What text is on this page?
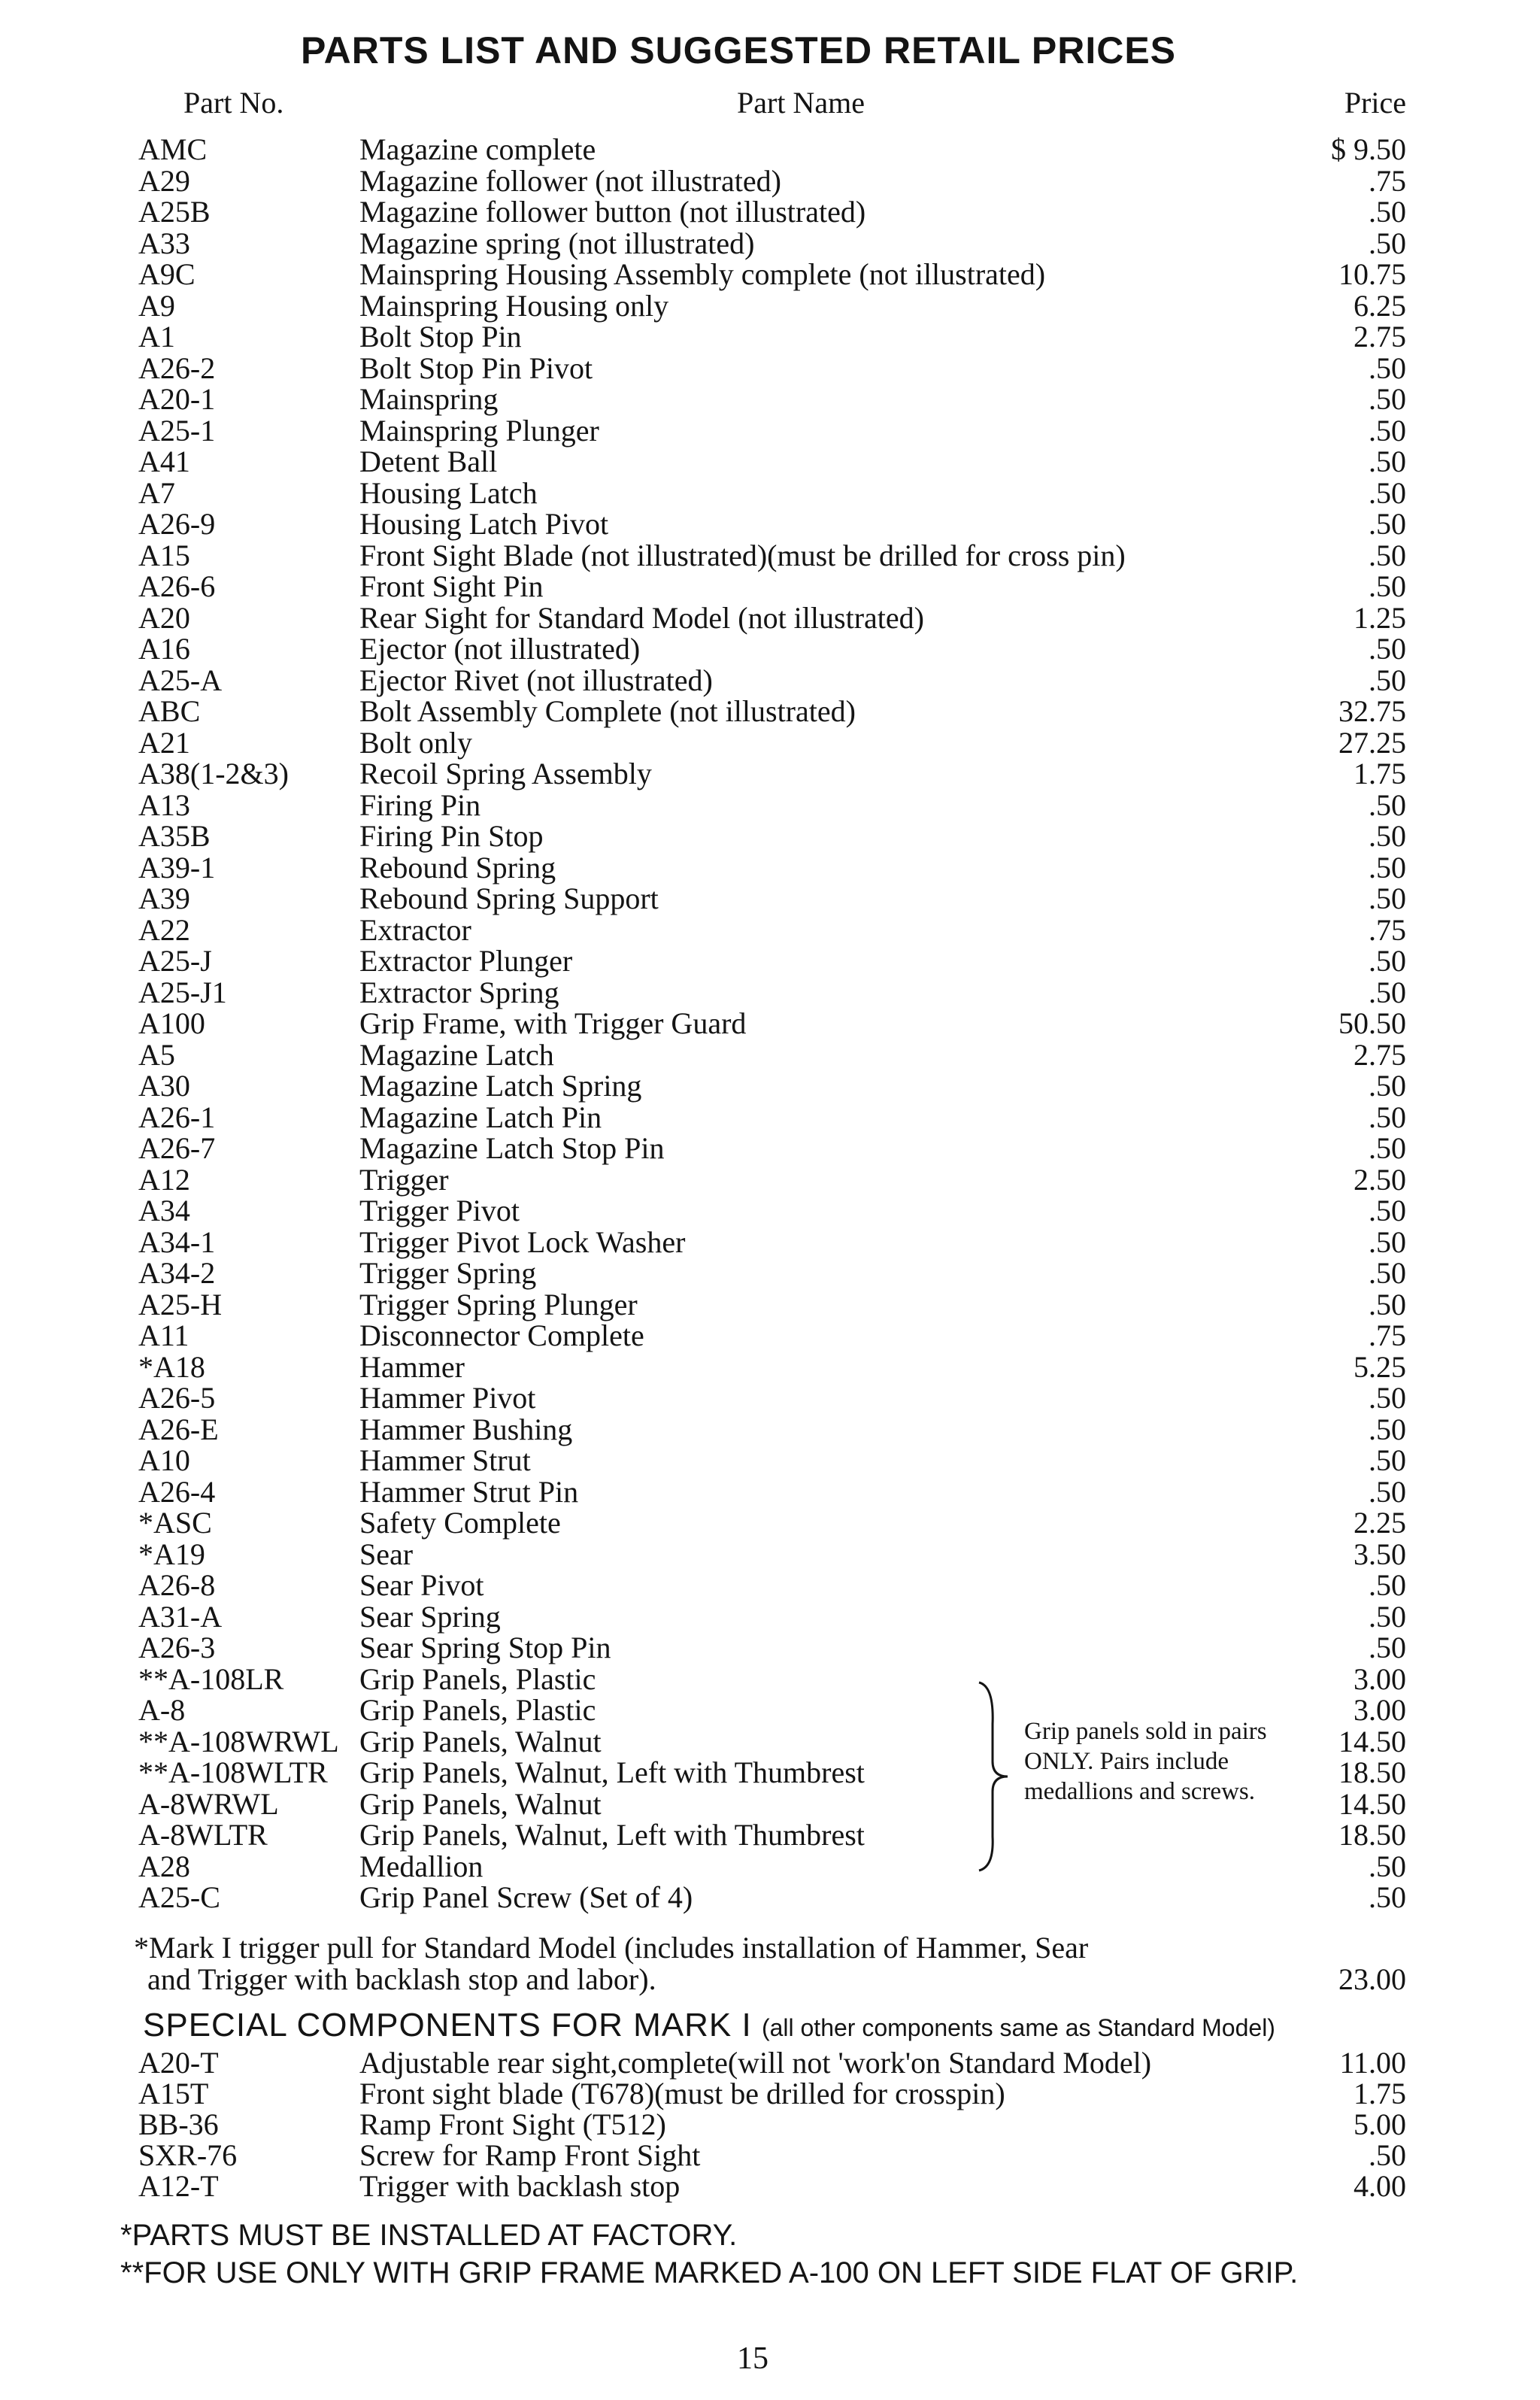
PARTS LIST AND SUGGESTED RETAIL PRICES
Part No.	Part Name	Price
AMC	Magazine complete	$ 9.50
A29	Magazine follower (not illustrated)	.75
A25B	Magazine follower button (not illustrated)	.50
A33	Magazine spring (not illustrated)	.50
A9C	Mainspring Housing Assembly complete (not illustrated)	10.75
A9	Mainspring Housing only	6.25
A1	Bolt Stop Pin	2.75
A26-2	Bolt Stop Pin Pivot	.50
A20-1	Mainspring	.50
A25-1	Mainspring Plunger	.50
A41	Detent Ball	.50
A7	Housing Latch	.50
A26-9	Housing Latch Pivot	.50
A15	Front Sight Blade (not illustrated)(must be drilled for cross pin)	.50
A26-6	Front Sight Pin	.50
A20	Rear Sight for Standard Model (not illustrated)	1.25
A16	Ejector (not illustrated)	.50
A25-A	Ejector Rivet (not illustrated)	.50
ABC	Bolt Assembly Complete (not illustrated)	32.75
A21	Bolt only	27.25
A38(1-2&3) Recoil Spring Assembly	1.75
A13	Firing Pin	.50
A35B	Firing Pin Stop	.50
A39-1	Rebound Spring	.50
A39	Rebound Spring Support	.50
A22	Extractor	.75
A25-J	Extractor Plunger	.50
A25-J1	Extractor Spring	.50
A100	Grip Frame, with Trigger Guard	50.50
A5	Magazine Latch	2.75
A30	Magazine Latch Spring	.50
A26-1	Magazine Latch Pin	.50
A26-7	Magazine Latch Stop Pin	.50
A12	Trigger	2.50
A34	Trigger Pivot	.50
A34-1	Trigger Pivot Lock Washer	.50
A34-2	Trigger Spring	.50
A25-H	Trigger Spring Plunger	.50
A11	Disconnector Complete	.75
*A18	Hammer	5.25
A26-5	Hammer Pivot	.50
A26-E	Hammer Bushing	.50
A10	Hammer Strut	.50
A26-4	Hammer Strut Pin	.50
*ASC	Safety Complete	2.25
*A19	Sear	3.50
A26-8	Sear Pivot	.50
A31-A	Sear Spring	.50
A26-3	Sear Spring Stop Pin	.50
**A-108LR	Grip Panels, Plastic	3.00
A-8	Grip Panels, Plastic	3.00
**A-108WRWL Grip Panels, Walnut	14.50
**A-108WLTR Grip Panels, Walnut, Left with Thumbrest	18.50
A-8WRWL	Grip Panels, Walnut	14.50
A-8WLTR	Grip Panels, Walnut, Left with Thumbrest	18.50
A28	Medallion	.50
A25-C	Grip Panel Screw (Set of 4)	.50
Grip panels sold in pairs ONLY. Pairs include medallions and screws.
*Mark I trigger pull for Standard Model (includes installation of Hammer, Sear
and Trigger with backlash stop and labor).	23.00
SPECIAL COMPONENTS FOR MARK I (all other components same as Standard Model)
A20-T	Adjustable rear sight,complete(will not 'work'on Standard Model)	11.00
A15T	Front sight blade (T678)(must be drilled for crosspin)	1.75
BB-36	Ramp Front Sight (T512)	5.00
SXR-76	Screw for Ramp Front Sight	.50
A12-T	Trigger with backlash stop	4.00
*PARTS MUST BE INSTALLED AT FACTORY.
**FOR USE ONLY WITH GRIP FRAME MARKED A-100 ON LEFT SIDE FLAT OF GRIP.
15
